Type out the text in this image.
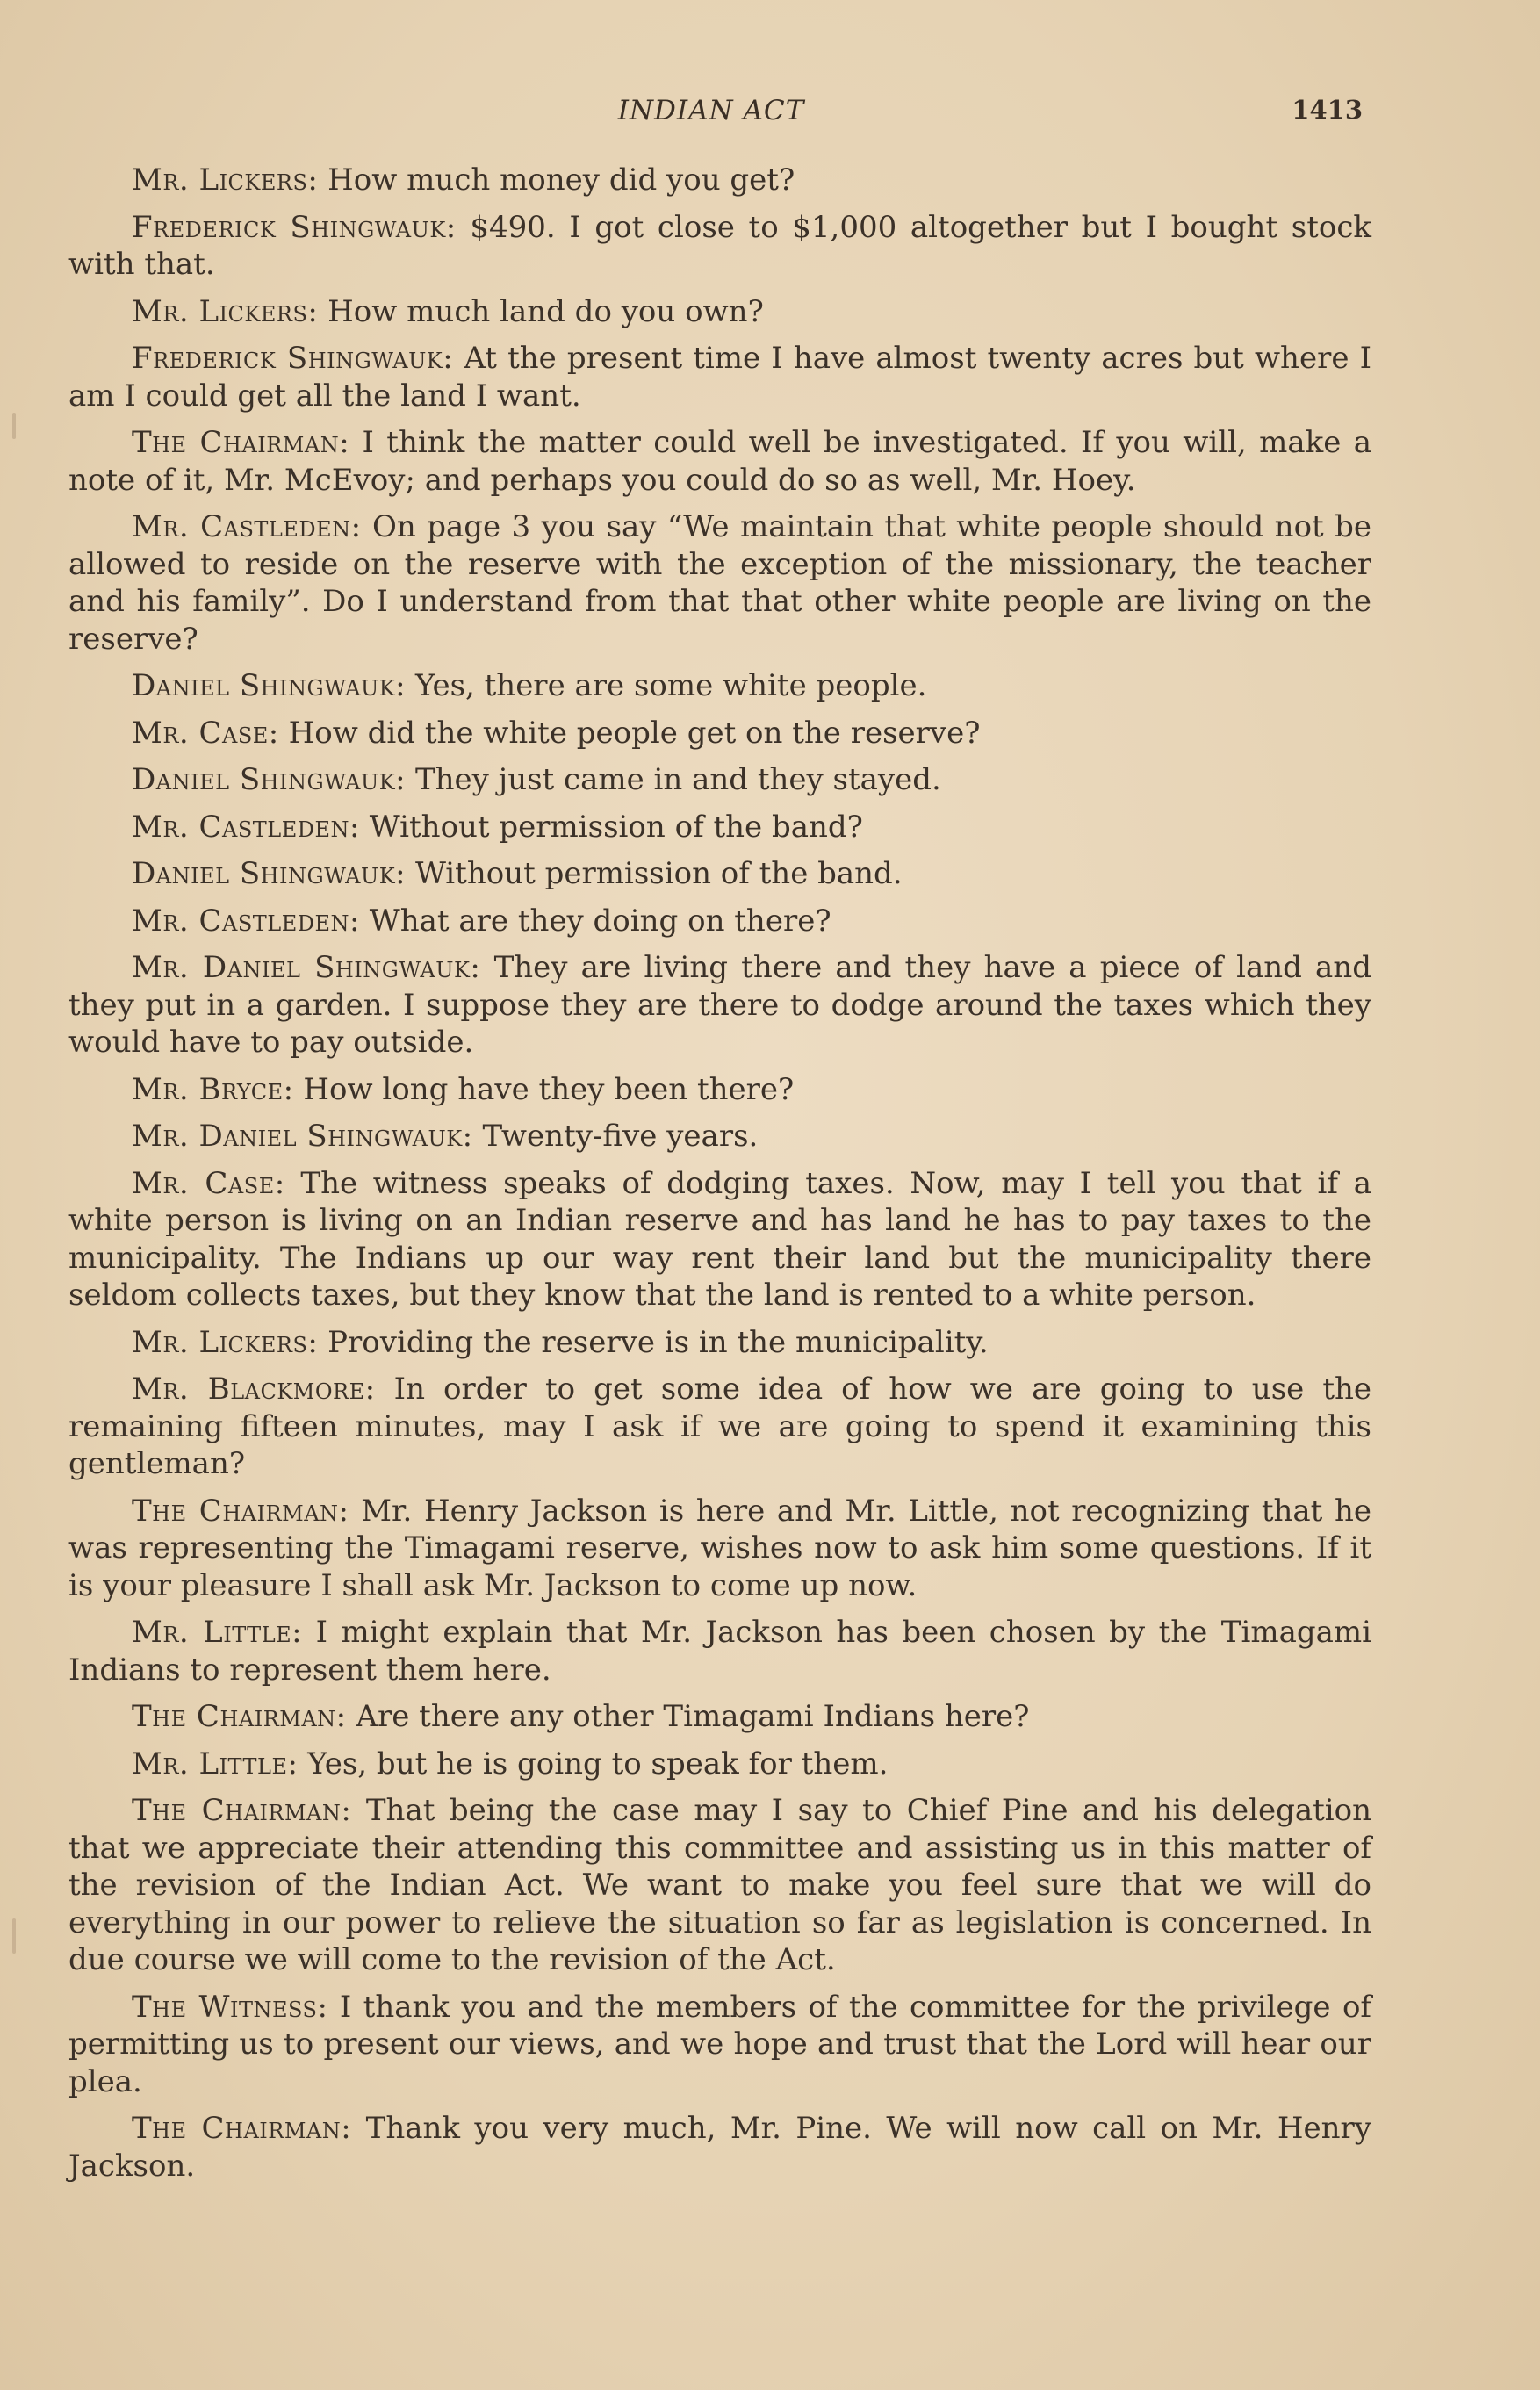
INDIAN ACT	1413

Mr. Lickers: How much money did you get?

Frederick Shingwauk: $490. I got close to $1,000 altogether but I bought stock with that.

Mr. Lickers: How much land do you own?

Frederick Shingwauk: At the present time I have almost twenty acres but where I am I could get all the land I want.

The Chairman: I think the matter could well be investigated. If you will, make a note of it, Mr. McEvoy; and perhaps you could do so as well, Mr. Hoey.

Mr. Castleden: On page 3 you say “We maintain that white people should not be allowed to reside on the reserve with the exception of the missionary, the teacher and his family”. Do I understand from that that other white people are living on the reserve?

Daniel Shingwauk: Yes, there are some white people.

Mr. Case: How did the white people get on the reserve?

Daniel Shingwauk: They just came in and they stayed.

Mr. Castleden: Without permission of the band?

Daniel Shingwauk: Without permission of the band.

Mr. Castleden: What are they doing on there?

Mr. Daniel Shingwauk: They are living there and they have a piece of land and they put in a garden. I suppose they are there to dodge around the taxes which they would have to pay outside.

Mr. Bryce: How long have they been there?

Mr. Daniel Shingwauk: Twenty-five years.

Mr. Case: The witness speaks of dodging taxes. Now, may I tell you that if a white person is living on an Indian reserve and has land he has to pay taxes to the municipality. The Indians up our way rent their land but the municipality there seldom collects taxes, but they know that the land is rented to a white person.

Mr. Lickers: Providing the reserve is in the municipality.

Mr. Blackmore: In order to get some idea of how we are going to use the remaining fifteen minutes, may I ask if we are going to spend it examining this gentleman?

The Chairman: Mr. Henry Jackson is here and Mr. Little, not recognizing that he was representing the Timagami reserve, wishes now to ask him some questions. If it is your pleasure I shall ask Mr. Jackson to come up now.

Mr. Little: I might explain that Mr. Jackson has been chosen by the Timagami Indians to represent them here.

The Chairman: Are there any other Timagami Indians here?

Mr. Little: Yes, but he is going to speak for them.

The Chairman: That being the case may I say to Chief Pine and his delegation that we appreciate their attending this committee and assisting us in this matter of the revision of the Indian Act. We want to make you feel sure that we will do everything in our power to relieve the situation so far as legislation is concerned. In due course we will come to the revision of the Act.

The Witness: I thank you and the members of the committee for the privilege of permitting us to present our views, and we hope and trust that the Lord will hear our plea.

The Chairman: Thank you very much, Mr. Pine. We will now call on Mr. Henry Jackson.
